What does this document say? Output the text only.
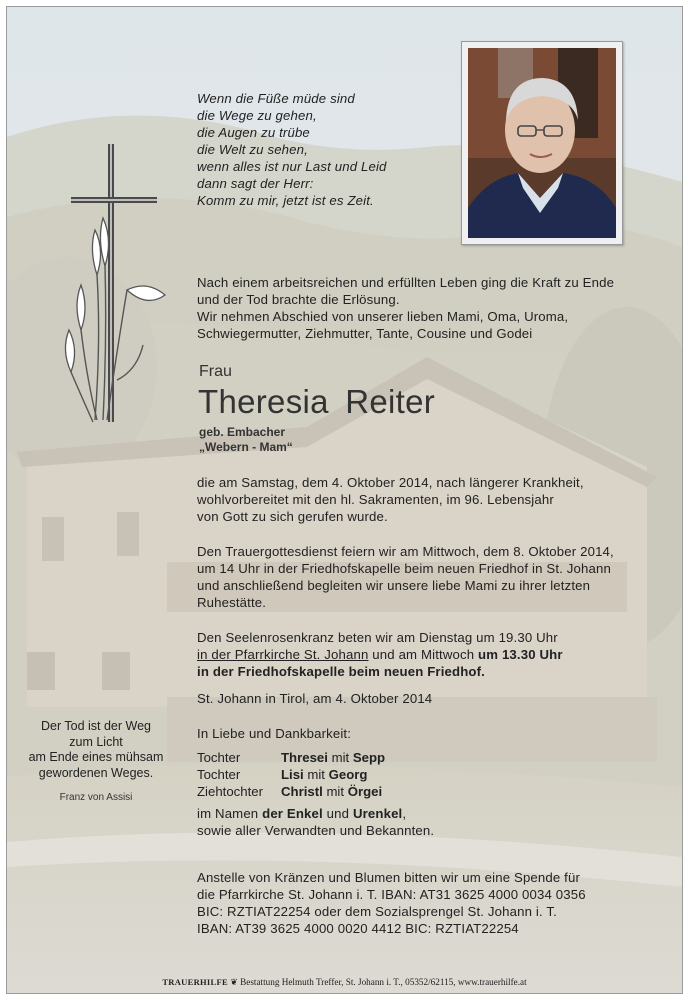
Wenn die Füße müde sind

die Wege zu gehen,

die Augen zu trübe

die Welt zu sehen,

wenn alles ist nur Last und Leid

dann sagt der Herr:

Komm zu mir, jetzt ist es Zeit.

Nach einem arbeitsreichen und erfüllten Leben ging die Kraft zu Ende

und der Tod brachte die Erlösung.

Wir nehmen Abschied von unserer lieben Mami, Oma, Uroma,

Schwiegermutter, Ziehmutter, Tante, Cousine und Godei

Frau
Theresia Reiter
geb. Embacher
„Webern - Mam“

die am Samstag, dem 4. Oktober 2014, nach längerer Krankheit,

wohlvorbereitet mit den hl. Sakramenten, im 96. Lebensjahr

von Gott zu sich gerufen wurde.

Den Trauergottesdienst feiern wir am Mittwoch, dem 8. Oktober 2014,

um 14 Uhr in der Friedhofskapelle beim neuen Friedhof in St. Johann

und anschließend begleiten wir unsere liebe Mami zu ihrer letzten

Ruhestätte.

Den Seelenrosenkranz beten wir am Dienstag um 19.30 Uhr

in der Pfarrkirche St. Johann und am Mittwoch um 13.30 Uhr

in der Friedhofskapelle beim neuen Friedhof.

St. Johann in Tirol, am 4. Oktober 2014
In Liebe und Dankbarkeit:
Tochter
Tochter
Ziehtochter
Thresei mit Sepp
Lisi mit Georg
Christl mit Örgei

im Namen der Enkel und Urenkel,

sowie aller Verwandten und Bekannten.

Anstelle von Kränzen und Blumen bitten wir um eine Spende für

die Pfarrkirche St. Johann i. T. IBAN: AT31 3625 4000 0034 0356

BIC: RZTIAT22254 oder dem Sozialsprengel St. Johann i. T.

IBAN: AT39 3625 4000 0020 4412 BIC: RZTIAT22254

Der Tod ist der Weg
zum Licht
am Ende eines mühsam
gewordenen Weges.
Franz von Assisi
TRAUERHILFE ❦ Bestattung Helmuth Treffer, St. Johann i. T., 05352/62115, www.trauerhilfe.at
